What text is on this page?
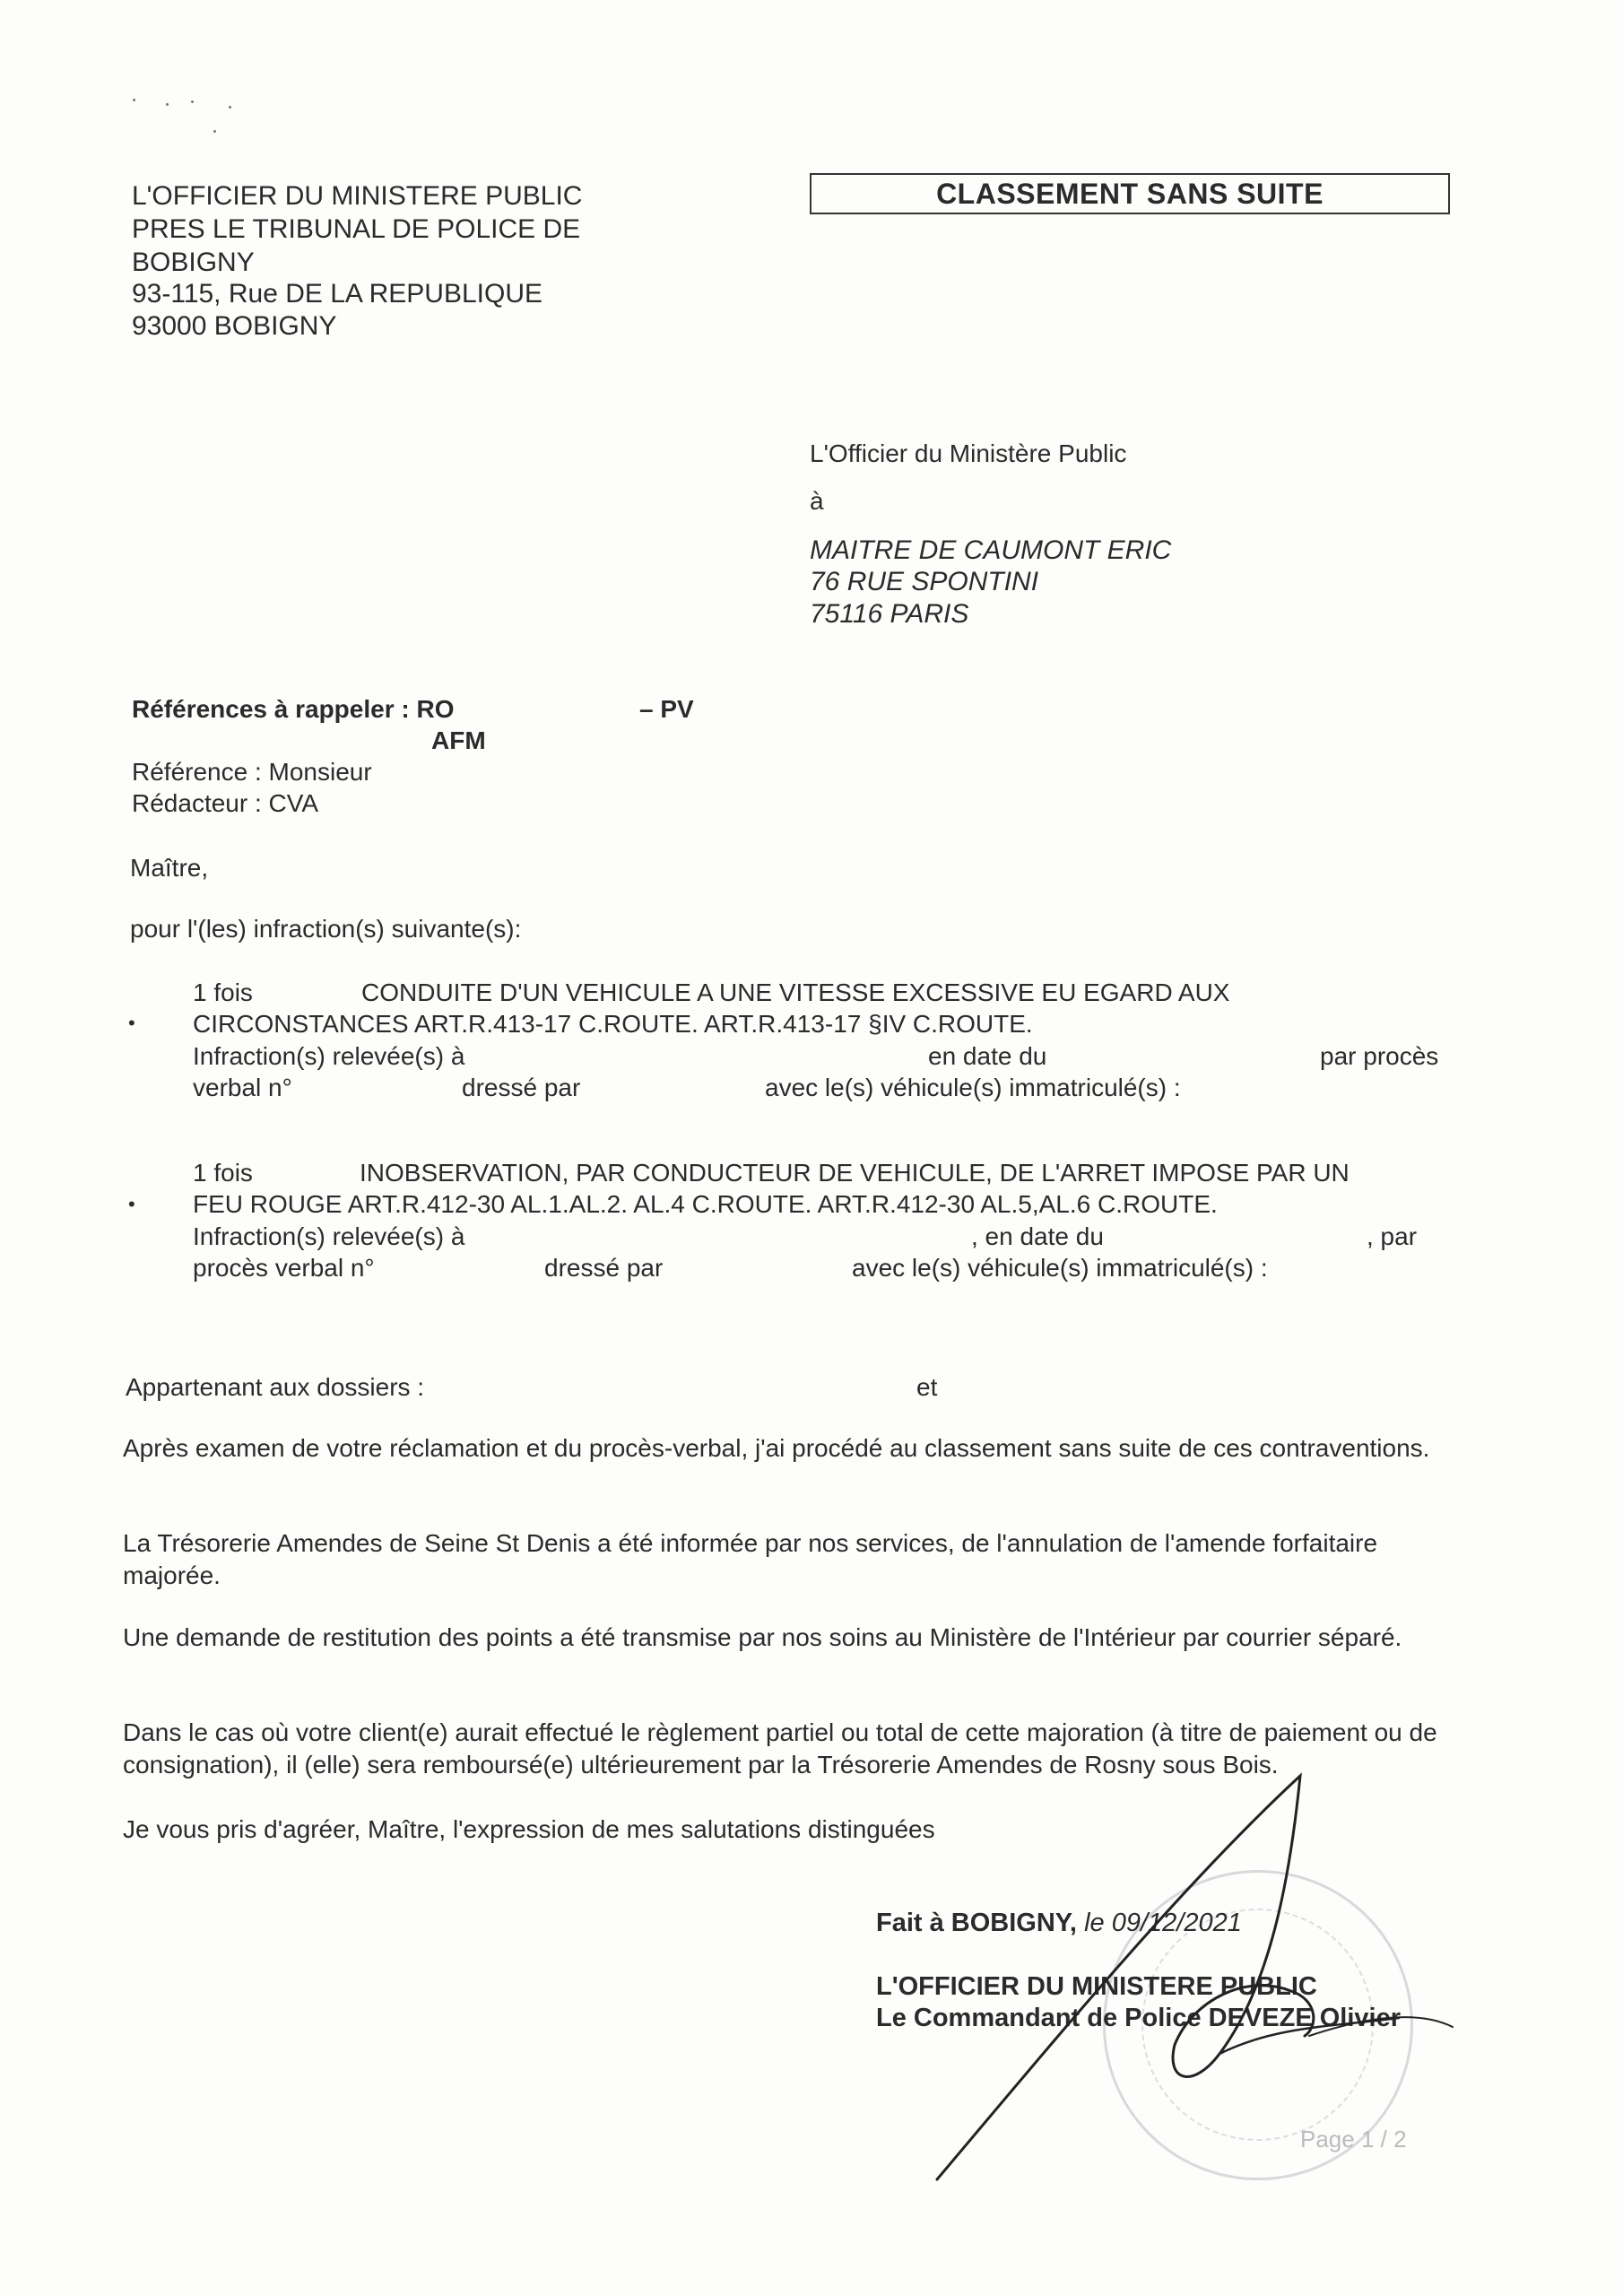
L'OFFICIER DU MINISTERE PUBLIC
PRES LE TRIBUNAL DE POLICE DE
BOBIGNY
93-115, Rue DE LA REPUBLIQUE
93000 BOBIGNY
CLASSEMENT SANS SUITE
L'Officier du Ministère Public
à
MAITRE DE CAUMONT ERIC
76 RUE SPONTINI
75116 PARIS
Références à rappeler : RO	– PV
AFM
Référence : Monsieur
Rédacteur : CVA
Maître,
pour l'(les) infraction(s) suivante(s):
1 fois	CONDUITE D'UN VEHICULE A UNE VITESSE EXCESSIVE EU EGARD AUX
• CIRCONSTANCES ART.R.413-17 C.ROUTE. ART.R.413-17 §IV C.ROUTE.
Infraction(s) relevée(s) à	en date du	par procès
verbal n°	dressé par	avec le(s) véhicule(s) immatriculé(s) :
1 fois	INOBSERVATION, PAR CONDUCTEUR DE VEHICULE, DE L'ARRET IMPOSE PAR UN
• FEU ROUGE ART.R.412-30 AL.1.AL.2. AL.4 C.ROUTE. ART.R.412-30 AL.5,AL.6 C.ROUTE.
Infraction(s) relevée(s) à	, en date du	, par
procès verbal n°	dressé par	avec le(s) véhicule(s) immatriculé(s) :
Appartenant aux dossiers :	et
Après examen de votre réclamation et du procès-verbal, j'ai procédé au classement sans suite de ces contraventions.
La Trésorerie Amendes de Seine St Denis a été informée par nos services, de l'annulation de l'amende forfaitaire majorée.
Une demande de restitution des points a été transmise par nos soins au Ministère de l'Intérieur par courrier séparé.
Dans le cas où votre client(e) aurait effectué le règlement partiel ou total de cette majoration (à titre de paiement ou de consignation), il (elle) sera remboursé(e) ultérieurement par la Trésorerie Amendes de Rosny sous Bois.
Je vous pris d'agréer, Maître, l'expression de mes salutations distinguées
Fait à BOBIGNY, le 09/12/2021
L'OFFICIER DU MINISTERE PUBLIC
Le Commandant de Police DEVEZE Olivier
Page 1 / 2
